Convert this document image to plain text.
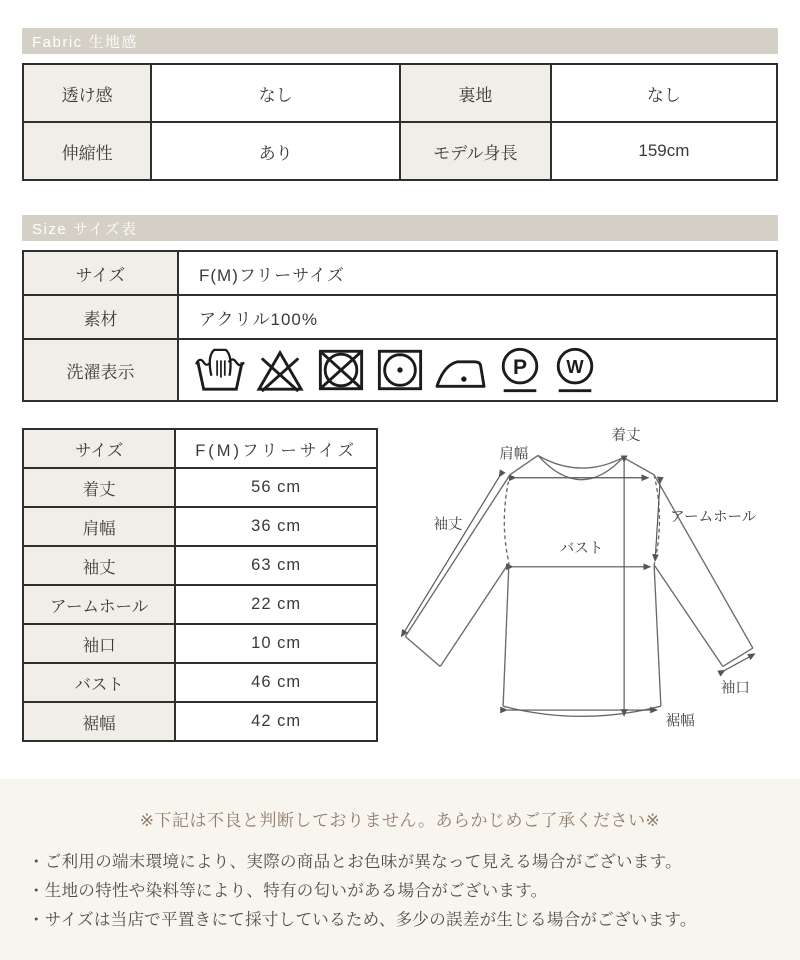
Fabric 生地感
透け感	なし	裏地	なし
伸縮性	あり	モデル身長	159cm
Size サイズ表
サイズ	F(M)フリーサイズ
素材	アクリル100%
洗濯表示	P W
サイズ	F(M)フリーサイズ
着丈	56 cm
肩幅	36 cm
袖丈	63 cm
アームホール	22 cm
袖口	10 cm
バスト	46 cm
裾幅	42 cm
肩幅
着丈
袖丈	アームホール
バスト
袖口
裾幅
※下記は不良と判断しておりません。あらかじめご了承ください※
・ご利用の端末環境により、実際の商品とお色味が異なって見える場合がございます。
・生地の特性や染料等により、特有の匂いがある場合がございます。
・サイズは当店で平置きにて採寸しているため、多少の誤差が生じる場合がございます。
